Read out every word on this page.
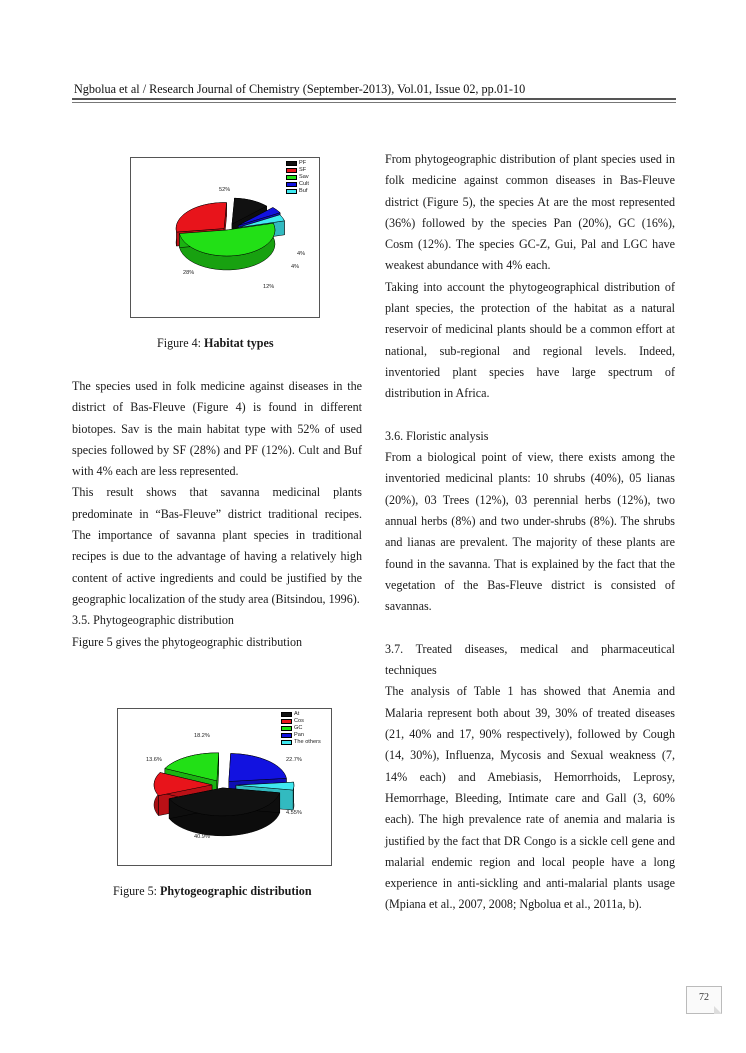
Ngbolua et al / Research Journal of Chemistry (September-2013), Vol.01, Issue 02, pp.01-10
PF
SF
Sav
Cult
Buf
52%
28%
12%
4%
4%
Figure 4: Habitat types

The species used in folk medicine against diseases in the district of Bas-Fleuve (Figure 4) is found in different biotopes. Sav is the main habitat type with 52% of used species followed by SF (28%) and PF (12%). Cult and Buf with 4% each are less represented.

This result shows that savanna medicinal plants predominate in “Bas-Fleuve” district traditional recipes. The importance of savanna plant species in traditional recipes is due to the advantage of having a relatively high content of active ingredients and could be justified by the geographic localization of the study area (Bitsindou, 1996).

3.5. Phytogeographic distribution

Figure 5 gives the phytogeographic distribution

At
Cos
GC
Pan
The others
18.2%
13.6%	22.7%
4.55%
40.9%
Figure 5: Phytogeographic distribution

From phytogeographic distribution of plant species used in folk medicine against common diseases in Bas-Fleuve district (Figure 5), the species At are the most represented (36%) followed by the species Pan (20%), GC (16%), Cosm (12%). The species GC-Z, Gui, Pal and LGC have weakest abundance with 4% each.

Taking into account the phytogeographical distribution of plant species, the protection of the habitat as a natural reservoir of medicinal plants should be a common effort at national, sub-regional and regional levels. Indeed, inventoried plant species have large spectrum of distribution in Africa.

3.6. Floristic analysis

From a biological point of view, there exists among the inventoried medicinal plants: 10 shrubs (40%), 05 lianas (20%), 03 Trees (12%), 03 perennial herbs (12%), two annual herbs (8%) and two under-shrubs (8%). The shrubs and lianas are prevalent. The majority of these plants are found in the savanna. That is explained by the fact that the vegetation of the Bas-Fleuve district is consisted of savannas.

3.7. Treated diseases, medical and pharmaceutical techniques

The analysis of Table 1 has showed that Anemia and Malaria represent both about 39, 30% of treated diseases (21, 40% and 17, 90% respectively), followed by Cough (14, 30%), Influenza, Mycosis and Sexual weakness (7, 14% each) and Amebiasis, Hemorrhoids, Leprosy, Hemorrhage, Bleeding, Intimate care and Gall (3, 60% each). The high prevalence rate of anemia and malaria is justified by the fact that DR Congo is a sickle cell gene and malarial endemic region and local people have a long experience in anti-sickling and anti-malarial plants usage (Mpiana et al., 2007, 2008; Ngbolua et al., 2011a, b).

72
